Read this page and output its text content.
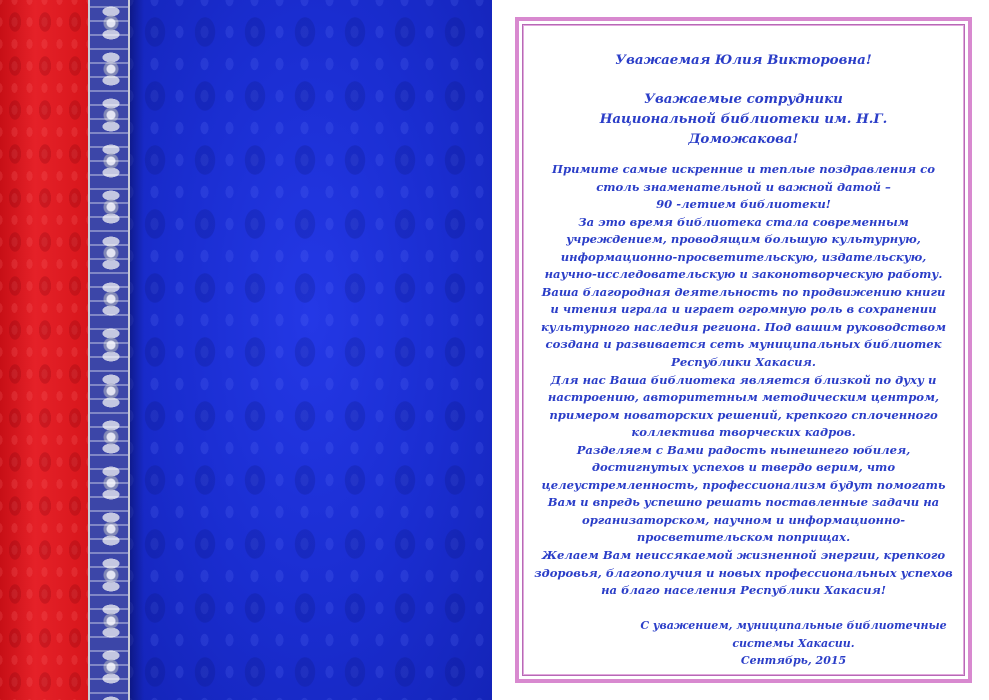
Уважаемая Юлия Викторовна!

Уважаемые сотрудники
Национальной библиотеки им. Н.Г.
Доможакова!

Примите самые искренние и теплые поздравления со
столь знаменательной и важной датой –
90 -летием библиотеки!
За это время библиотека стала современным
учреждением, проводящим большую культурную,
информационно-просветительскую, издательскую,
научно-исследовательскую и законотворческую работу.
Ваша благородная деятельность по продвижению книги
и чтения играла и играет огромную роль в сохранении
культурного наследия региона. Под вашим руководством
создана и развивается сеть муниципальных библиотек
Республики Хакасия.
Для нас Ваша библиотека является близкой по духу и
настроению, авторитетным методическим центром,
примером новаторских решений, крепкого сплоченного
коллектива творческих кадров.
Разделяем с Вами радость нынешнего юбилея,
достигнутых успехов и твердо верим, что
целеустремленность, профессионализм будут помогать
Вам и впредь успешно решать поставленные задачи на
организаторском, научном и информационно-
просветительском поприщах.
Желаем Вам неиссякаемой жизненной энергии, крепкого
здоровья, благополучия и новых профессиональных успехов
на благо населения Республики Хакасия!

С уважением, муниципальные библиотечные
системы Хакасии.
Сентябрь, 2015
